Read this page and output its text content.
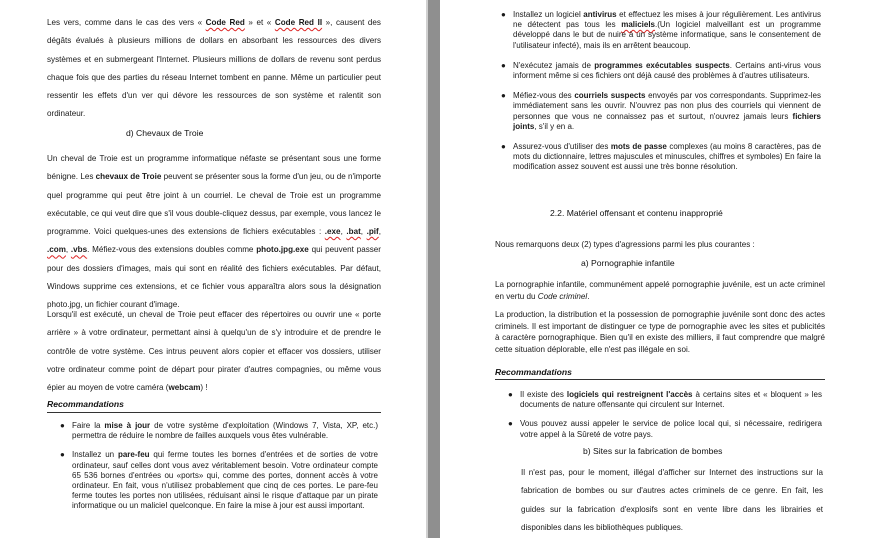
Les vers, comme dans le cas des vers « Code Red » et « Code Red II », causent des dégâts évalués à plusieurs millions de dollars en absorbant les ressources des divers systèmes et en submergeant l'Internet. Plusieurs millions de dollars de revenu sont perdus chaque fois que des parties du réseau Internet tombent en panne. Même un particulier peut ressentir les effets d'un ver qui dévore les ressources de son système et ralentit son ordinateur.

d) Chevaux de Troie

Un cheval de Troie est un programme informatique néfaste se présentant sous une forme bénigne. Les chevaux de Troie peuvent se présenter sous la forme d'un jeu, ou de n'importe quel programme qui peut être joint à un courriel. Le cheval de Troie est un programme exécutable, ce qui veut dire que s'il vous double-cliquez dessus, par exemple, vous lancez le programme. Voici quelques-unes des extensions de fichiers exécutables : .exe, .bat, .pif, .com, .vbs. Méfiez-vous des extensions doubles comme photo.jpg.exe qui peuvent passer pour des dossiers d'images, mais qui sont en réalité des fichiers exécutables. Par défaut, Windows supprime ces extensions, et ce fichier vous apparaîtra alors sous la désignation photo.jpg, un fichier courant d'image.

Lorsqu'il est exécuté, un cheval de Troie peut effacer des répertoires ou ouvrir une « porte arrière » à votre ordinateur, permettant ainsi à quelqu'un de s'y introduire et de prendre le contrôle de votre système. Ces intrus peuvent alors copier et effacer vos dossiers, utiliser votre ordinateur comme point de départ pour pirater d'autres compagnies, ou même vous épier au moyen de votre caméra (webcam) !

Recommandations

● Faire la mise à jour de votre système d'exploitation (Windows 7, Vista, XP, etc.) permettra de réduire le nombre de failles auxquels vous êtes vulnérable.
● Installez un pare-feu qui ferme toutes les bornes d'entrées et de sorties de votre ordinateur, sauf celles dont vous avez véritablement besoin. Votre ordinateur compte 65 536 bornes d'entrées ou «ports» qui, comme des portes, donnent accès à votre ordinateur. En fait, vous n'utilisez probablement que cinq de ces portes. Le pare-feu ferme toutes les portes non utilisées, réduisant ainsi le risque d'attaque par un pirate informatique ou un malicieI quelconque. En faire la mise à jour est aussi important.
● Installez un logiciel antivirus et effectuez les mises à jour régulièrement. Les antivirus ne détectent pas tous les maliciels.(Un logiciel malveillant est un programme développé dans le but de nuire à un système informatique, sans le consentement de l'utilisateur infecté), mais ils en arrêtent beaucoup.
● N'exécutez jamais de programmes exécutables suspects. Certains anti-virus vous informent même si ces fichiers ont déjà causé des problèmes à d'autres utilisateurs.
● Méfiez-vous des courriels suspects envoyés par vos correspondants. Supprimez-les immédiatement sans les ouvrir. N'ouvrez pas non plus des courriels qui viennent de personnes que vous ne connaissez pas et surtout, n'ouvrez jamais leurs fichiers joints, s'il y en a.
● Assurez-vous d'utiliser des mots de passe complexes (au moins 8 caractères, pas de mots du dictionnaire, lettres majuscules et minuscules, chiffres et symboles) En faire la modification assez souvent est aussi une très bonne résolution.

2.2. Matériel offensant et contenu inapproprié

Nous remarquons deux (2) types d'agressions parmi les plus courantes :

a) Pornographie infantile

La pornographie infantile, communément appelé pornographie juvénile, est un acte criminel en vertu du Code criminel.

La production, la distribution et la possession de pornographie juvénile sont donc des actes criminels. Il est important de distinguer ce type de pornographie avec les sites et publicités à caractère pornographique. Bien qu'il en existe des milliers, il faut comprendre que malgré cette situation déplorable, elle n'est pas illégale en soi.

Recommandations

● Il existe des logiciels qui restreignent l'accès à certains sites et « bloquent » les documents de nature offensante qui circulent sur Internet.
● Vous pouvez aussi appeler le service de police local qui, si nécessaire, redirigera votre appel à la Sûreté de votre pays.

b) Sites sur la fabrication de bombes

Il n'est pas, pour le moment, illégal d'afficher sur Internet des instructions sur la fabrication de bombes ou sur d'autres actes criminels de ce genre. En fait, les guides sur la fabrication d'explosifs sont en vente libre dans les librairies et disponibles dans les bibliothèques publiques.
